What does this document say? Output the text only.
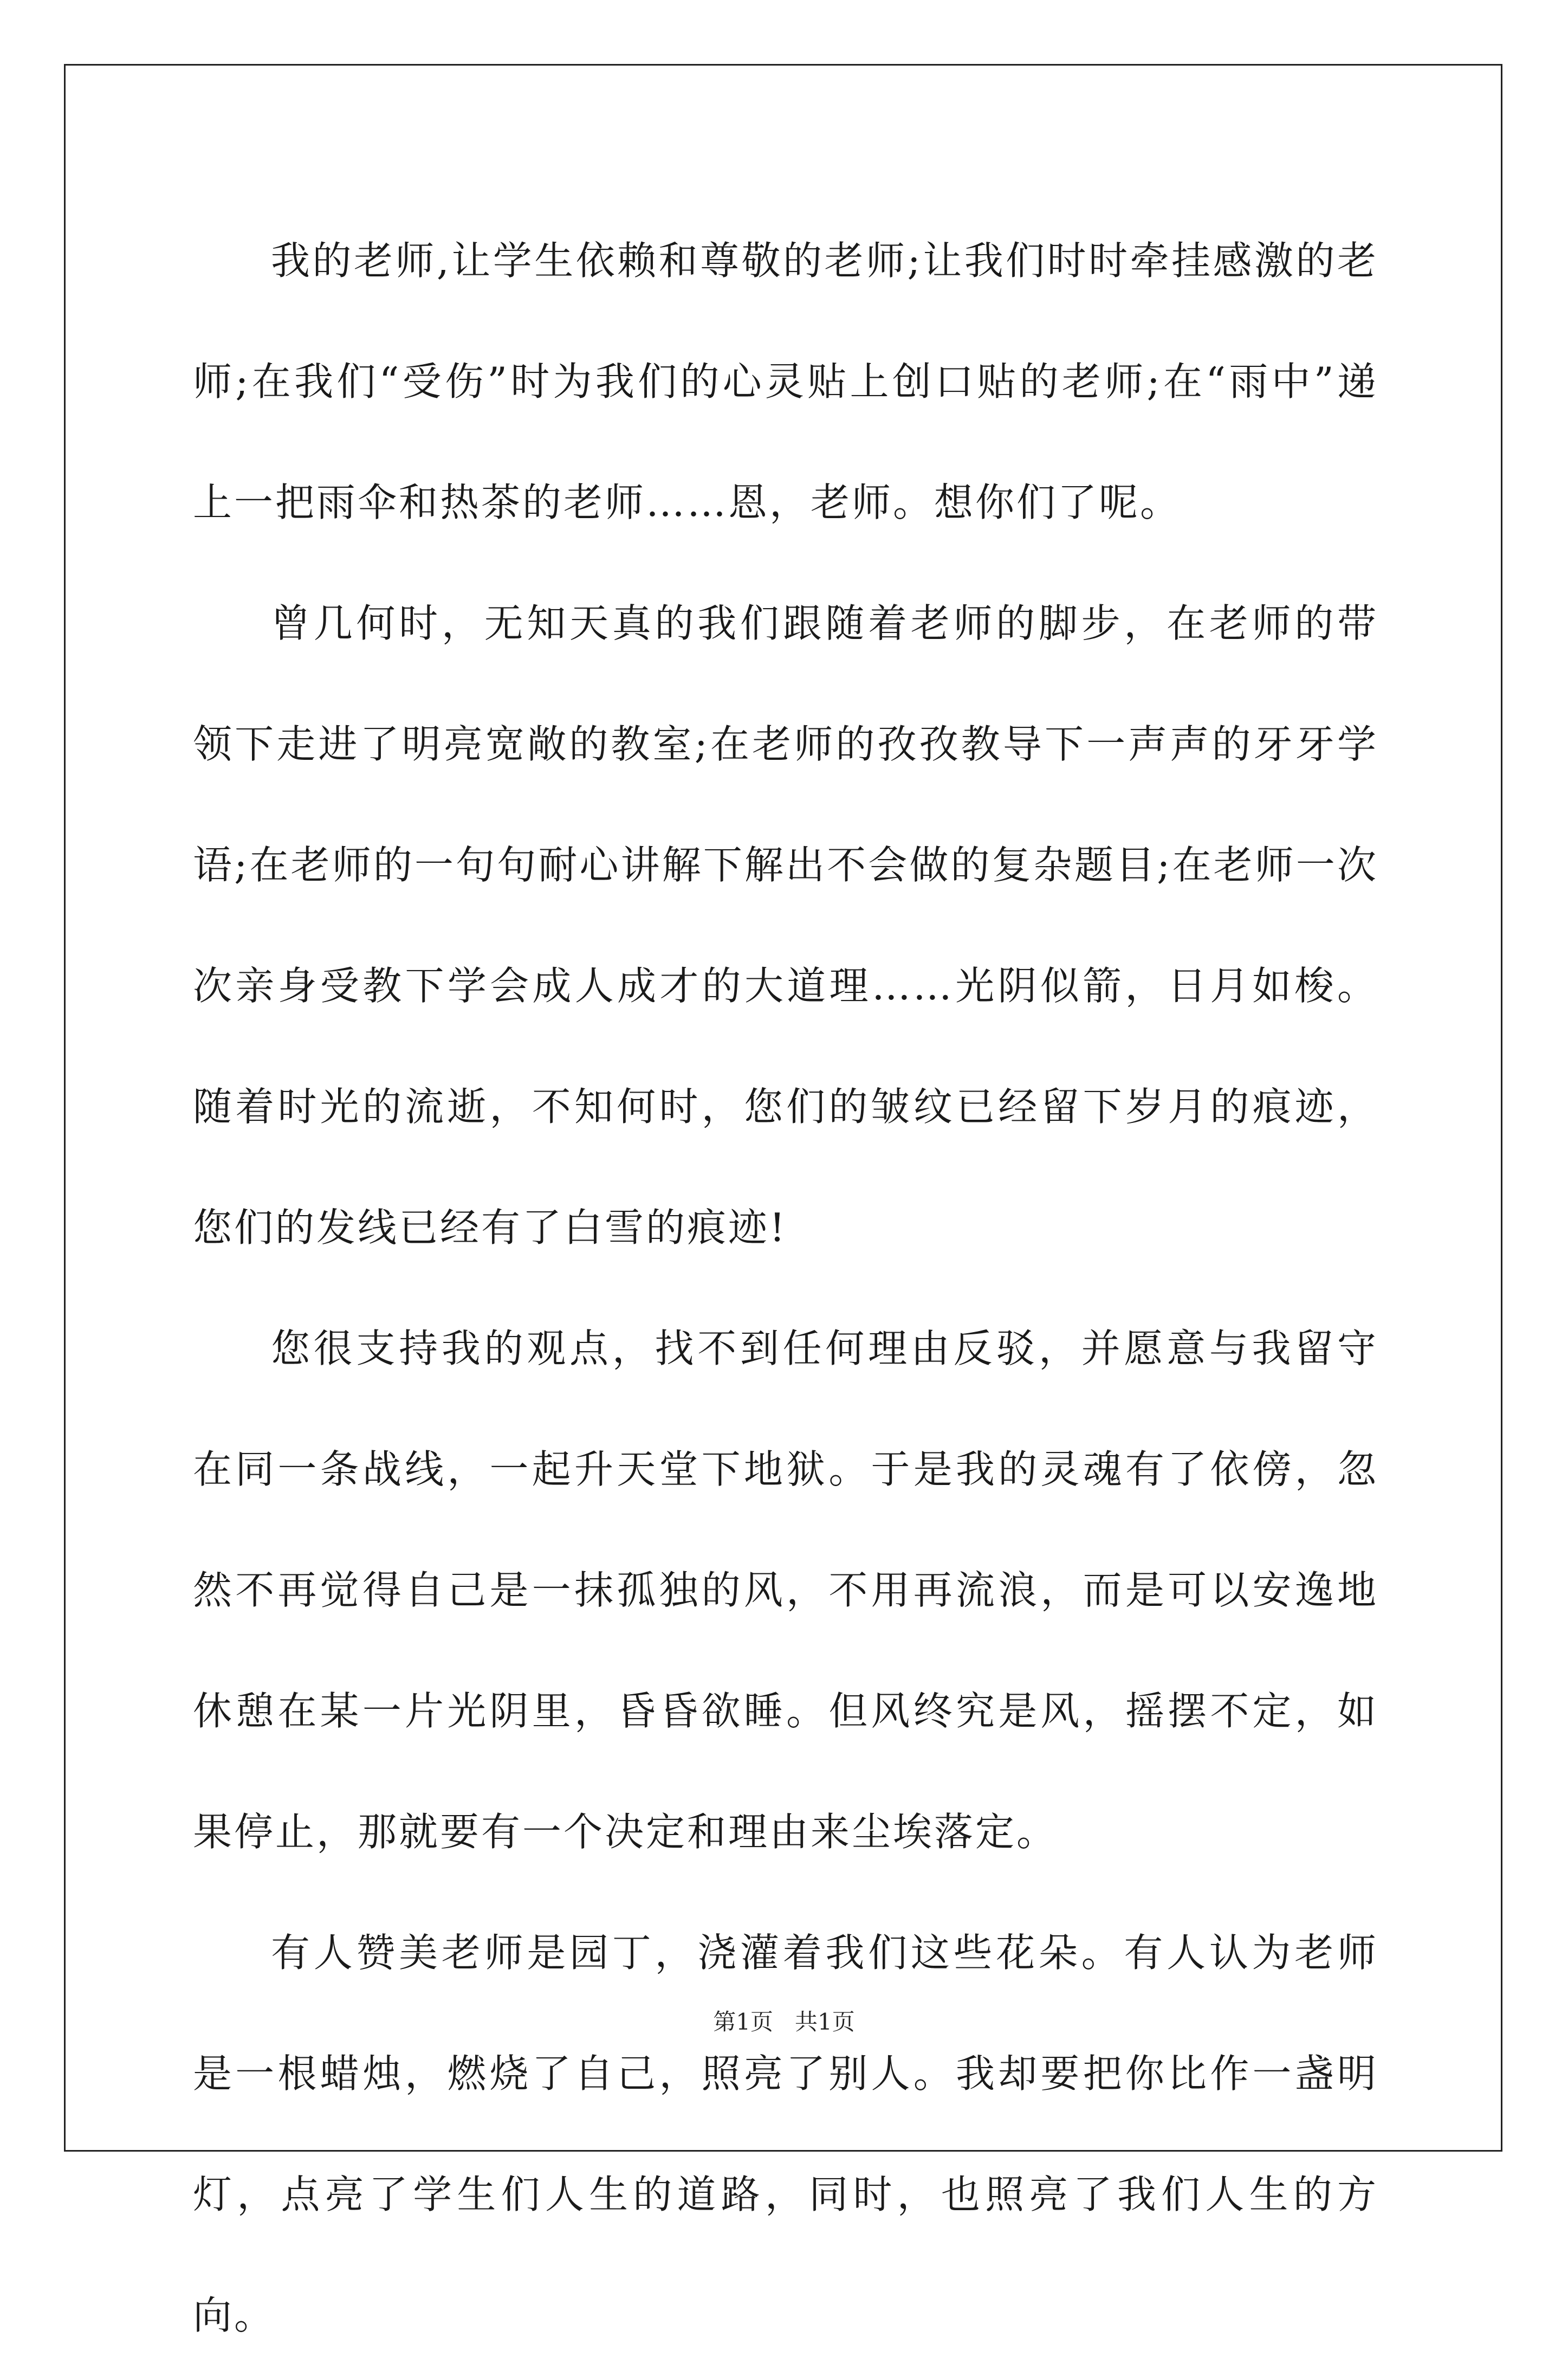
我的老师,让学生依赖和尊敬的老师;让我们时时牵挂感激的老师;在我们“受伤”时为我们的心灵贴上创口贴的老师;在“雨中”递上一把雨伞和热茶的老师……恩，老师。想你们了呢。

曾几何时，无知天真的我们跟随着老师的脚步，在老师的带领下走进了明亮宽敞的教室;在老师的孜孜教导下一声声的牙牙学语;在老师的一句句耐心讲解下解出不会做的复杂题目;在老师一次次亲身受教下学会成人成才的大道理……光阴似箭，日月如梭。随着时光的流逝，不知何时，您们的皱纹已经留下岁月的痕迹，您们的发线已经有了白雪的痕迹!

您很支持我的观点，找不到任何理由反驳，并愿意与我留守在同一条战线，一起升天堂下地狱。于是我的灵魂有了依傍，忽然不再觉得自己是一抹孤独的风，不用再流浪，而是可以安逸地休憩在某一片光阴里，昏昏欲睡。但风终究是风，摇摆不定，如果停止，那就要有一个决定和理由来尘埃落定。

有人赞美老师是园丁，浇灌着我们这些花朵。有人认为老师是一根蜡烛，燃烧了自己，照亮了别人。我却要把你比作一盏明灯，点亮了学生们人生的道路，同时，也照亮了我们人生的方向。

第1页   共1页
